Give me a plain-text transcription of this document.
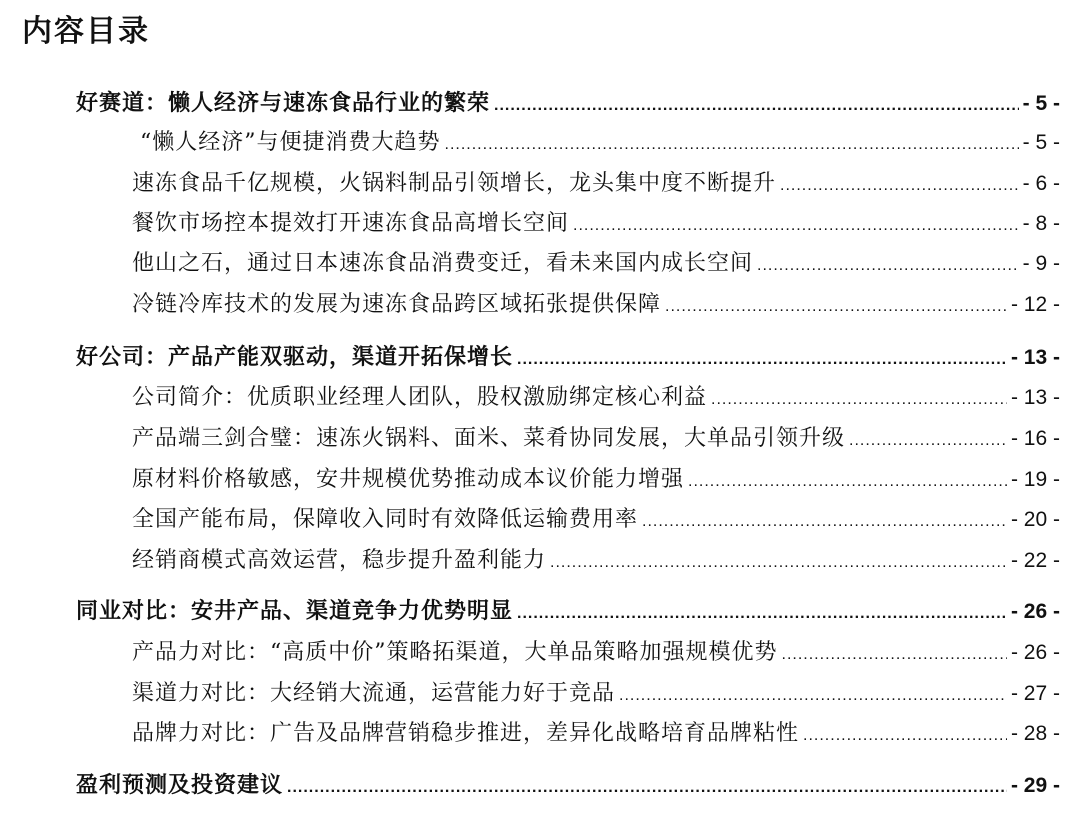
内容目录
好赛道：懒人经济与速冻食品行业的繁荣 .....	- 5 -
“懒人经济”与便捷消费大趋势 .....	- 5 -
速冻食品千亿规模，火锅料制品引领增长，龙头集中度不断提升 .....	- 6 -
餐饮市场控本提效打开速冻食品高增长空间 .....	- 8 -
他山之石，通过日本速冻食品消费变迁，看未来国内成长空间 .....	- 9 -
冷链冷库技术的发展为速冻食品跨区域拓张提供保障 .....	- 12 -
好公司：产品产能双驱动，渠道开拓保增长 .....	- 13 -
公司简介：优质职业经理人团队，股权激励绑定核心利益 .....	- 13 -
产品端三剑合璧：速冻火锅料、面米、菜肴协同发展，大单品引领升级 .....	- 16 -
原材料价格敏感，安井规模优势推动成本议价能力增强 .....	- 19 -
全国产能布局，保障收入同时有效降低运输费用率 .....	- 20 -
经销商模式高效运营，稳步提升盈利能力 .....	- 22 -
同业对比：安井产品、渠道竞争力优势明显 .....	- 26 -
产品力对比：“高质中价”策略拓渠道，大单品策略加强规模优势 .....	- 26 -
渠道力对比：大经销大流通，运营能力好于竞品 .....	- 27 -
品牌力对比：广告及品牌营销稳步推进，差异化战略培育品牌粘性 .....	- 28 -
盈利预测及投资建议 .....	- 29 -
